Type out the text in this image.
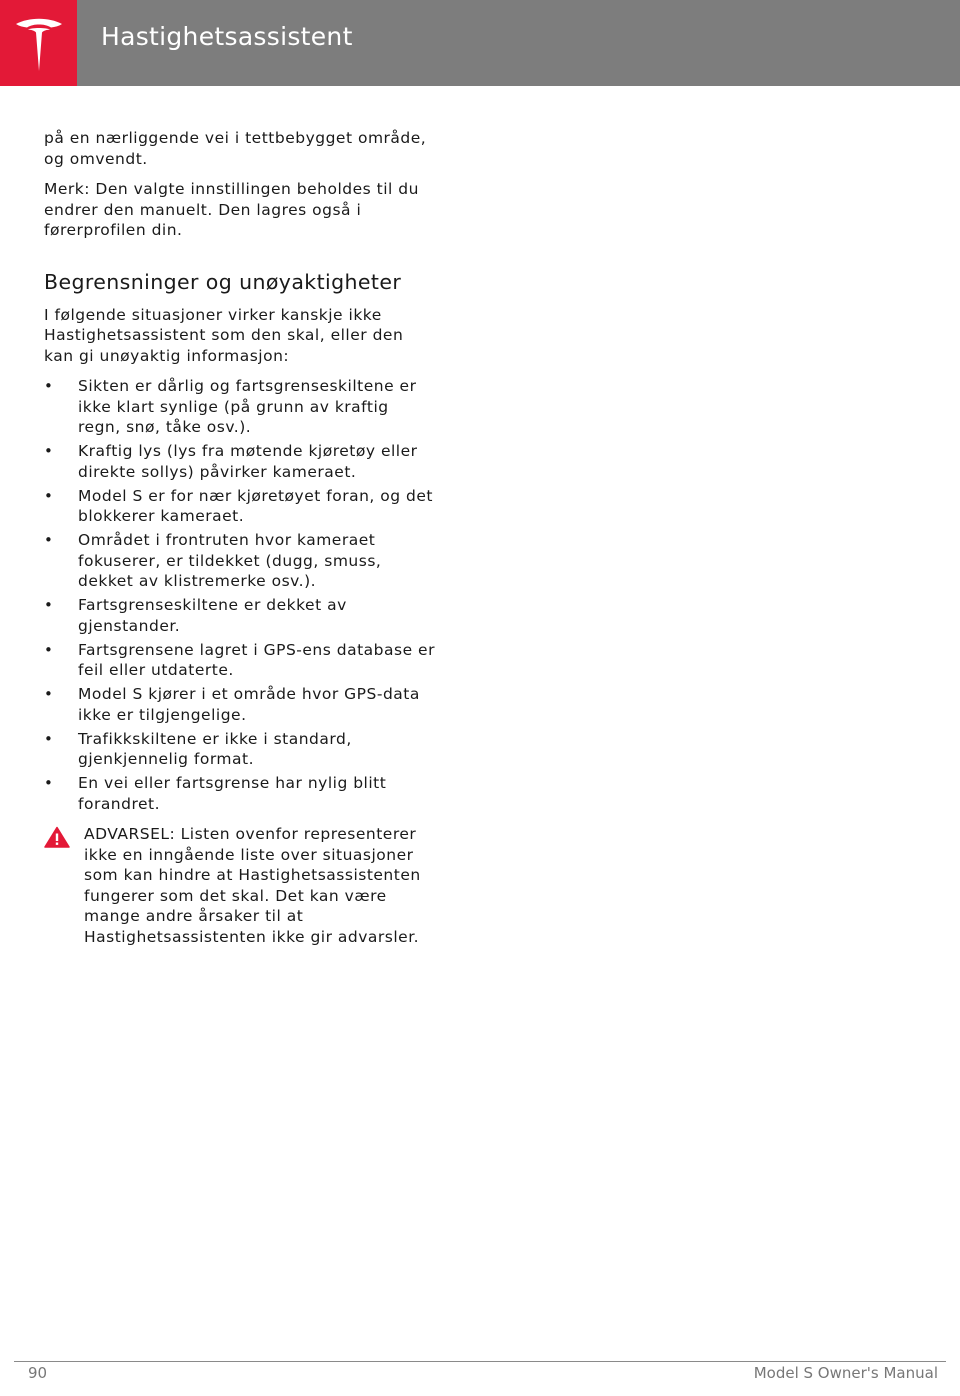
Hastighetsassistent

på en nærliggende vei i tettbebygget område, og omvendt.

Merk: Den valgte innstillingen beholdes til du endrer den manuelt. Den lagres også i førerprofilen din.

Begrensninger og unøyaktigheter

I følgende situasjoner virker kanskje ikke Hastighetsassistent som den skal, eller den kan gi unøyaktig informasjon:

• Sikten er dårlig og fartsgrenseskiltene er ikke klart synlige (på grunn av kraftig regn, snø, tåke osv.).
• Kraftig lys (lys fra møtende kjøretøy eller direkte sollys) påvirker kameraet.
• Model S er for nær kjøretøyet foran, og det blokkerer kameraet.
• Området i frontruten hvor kameraet fokuserer, er tildekket (dugg, smuss, dekket av klistremerke osv.).
• Fartsgrenseskiltene er dekket av gjenstander.
• Fartsgrensene lagret i GPS-ens database er feil eller utdaterte.
• Model S kjører i et område hvor GPS-data ikke er tilgjengelige.
• Trafikkskiltene er ikke i standard, gjenkjennelig format.
• En vei eller fartsgrense har nylig blitt forandret.
ADVARSEL: Listen ovenfor representerer ikke en inngående liste over situasjoner som kan hindre at Hastighetsassistenten fungerer som det skal. Det kan være mange andre årsaker til at Hastighetsassistenten ikke gir advarsler.
90	Model S Owner's Manual
